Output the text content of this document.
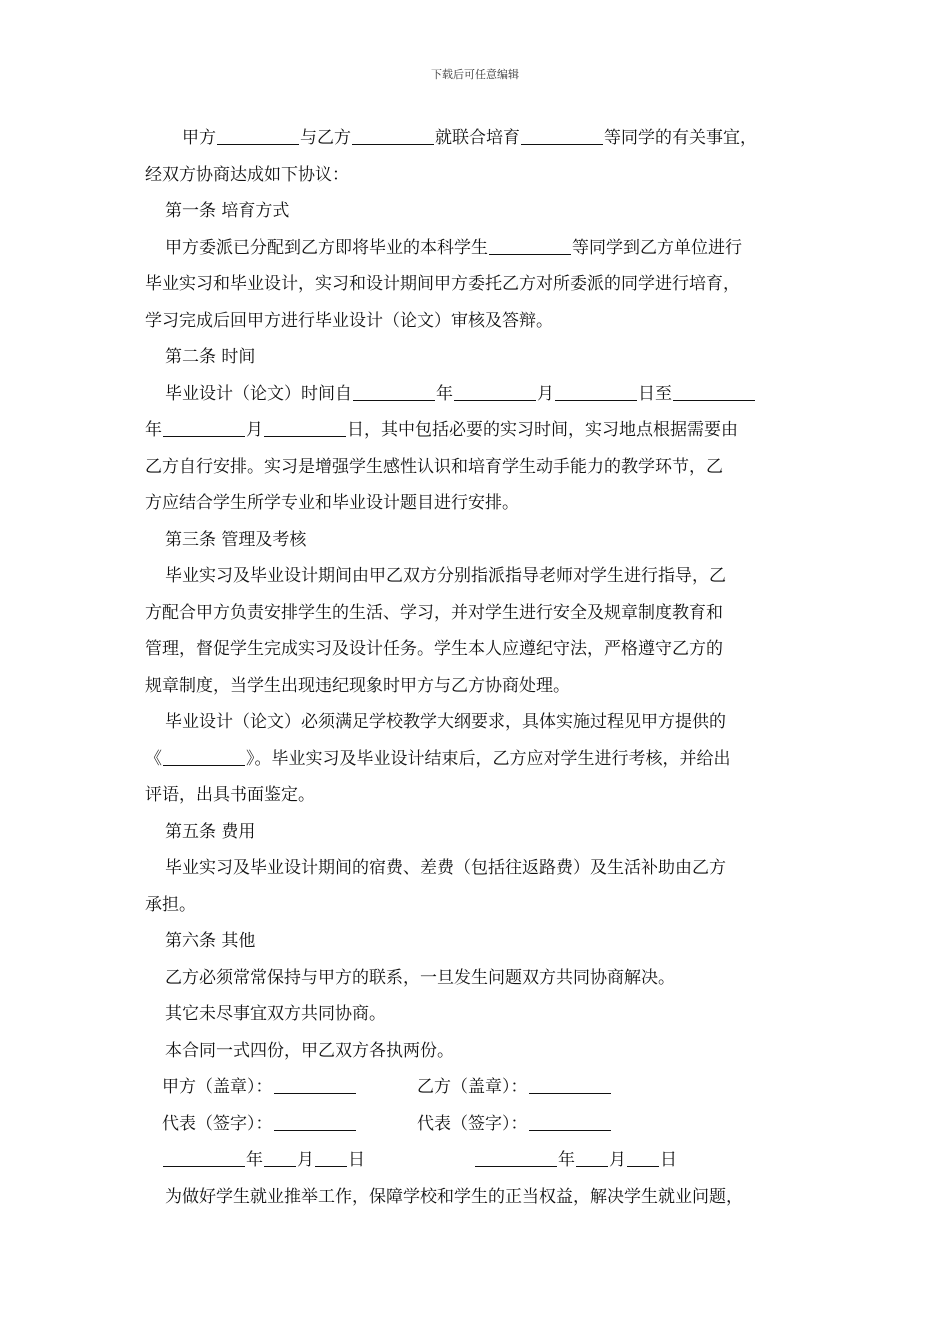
下载后可任意编辑
甲方	与乙方	就联合培育	等同学的有关事宜，
经双方协商达成如下协议：
第一条 培育方式
甲方委派已分配到乙方即将毕业的本科学生	等同学到乙方单位进行
毕业实习和毕业设计，实习和设计期间甲方委托乙方对所委派的同学进行培育，
学习完成后回甲方进行毕业设计（论文）审核及答辩。
第二条 时间
毕业设计（论文）时间自	年	月	日至
年	月	日，其中包括必要的实习时间，实习地点根据需要由
乙方自行安排。实习是增强学生感性认识和培育学生动手能力的教学环节，乙
方应结合学生所学专业和毕业设计题目进行安排。
第三条 管理及考核
毕业实习及毕业设计期间由甲乙双方分别指派指导老师对学生进行指导，乙
方配合甲方负责安排学生的生活、学习，并对学生进行安全及规章制度教育和
管理，督促学生完成实习及设计任务。学生本人应遵纪守法，严格遵守乙方的
规章制度，当学生出现违纪现象时甲方与乙方协商处理。
毕业设计（论文）必须满足学校教学大纲要求，具体实施过程见甲方提供的
《	》。毕业实习及毕业设计结束后，乙方应对学生进行考核，并给出
评语，出具书面鉴定。
第五条 费用
毕业实习及毕业设计期间的宿费、差费（包括往返路费）及生活补助由乙方
承担。
第六条 其他
乙方必须常常保持与甲方的联系，一旦发生问题双方共同协商解决。
其它未尽事宜双方共同协商。
本合同一式四份，甲乙双方各执两份。
甲方（盖章）：	乙方（盖章）：
代表（签字）：	代表（签字）：
年 月 日	年 月 日
为做好学生就业推举工作，保障学校和学生的正当权益，解决学生就业问题，
